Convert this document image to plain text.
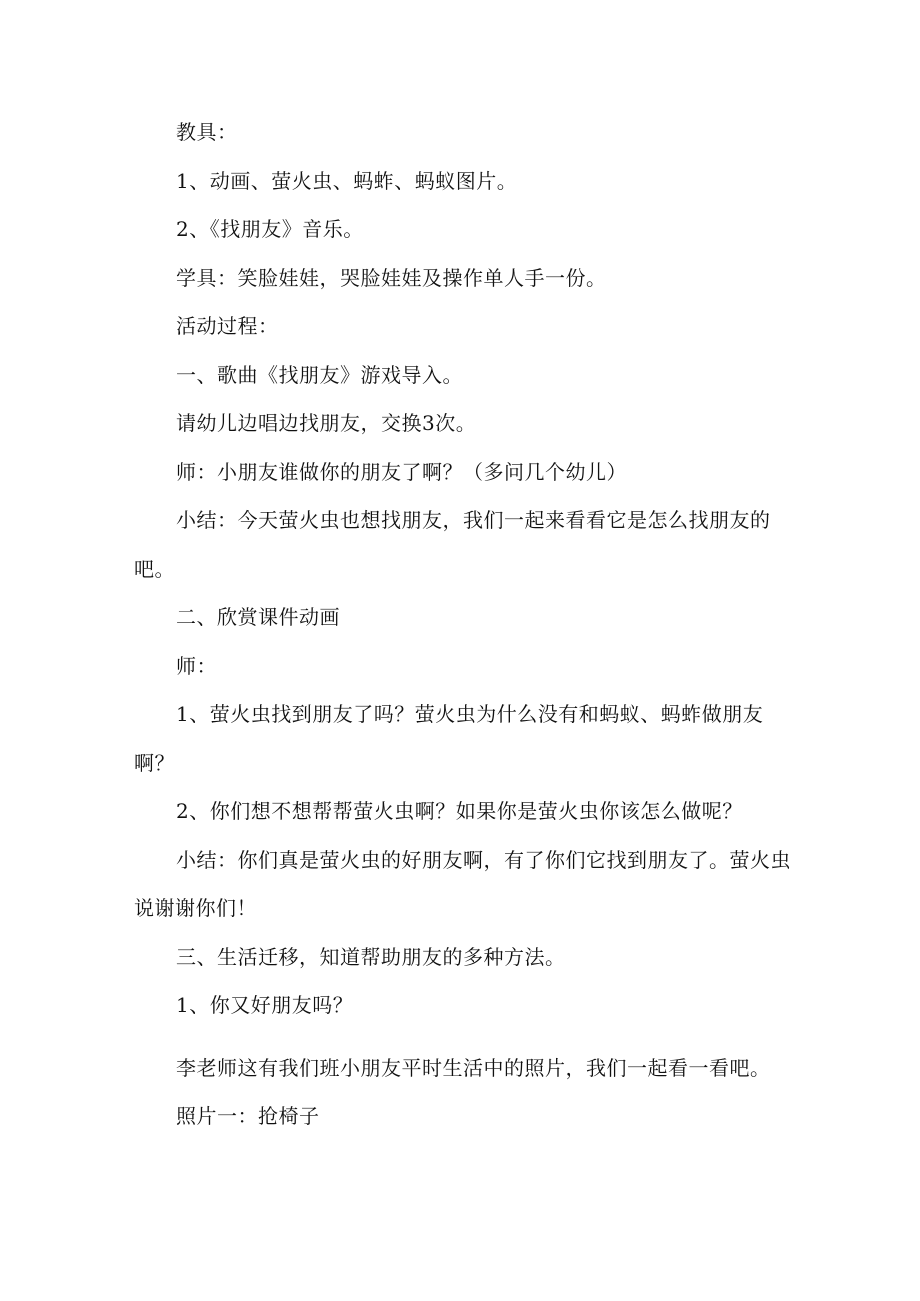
教具：
1、动画、萤火虫、蚂蚱、蚂蚁图片。
2、《找朋友》音乐。
学具：笑脸娃娃，哭脸娃娃及操作单人手一份。
活动过程：
一、歌曲《找朋友》游戏导入。
请幼儿边唱边找朋友，交换3次。
师：小朋友谁做你的朋友了啊？（多问几个幼儿）
小结：今天萤火虫也想找朋友，我们一起来看看它是怎么找朋友的
吧。
二、欣赏课件动画
师：
1、萤火虫找到朋友了吗？萤火虫为什么没有和蚂蚁、蚂蚱做朋友
啊？
2、你们想不想帮帮萤火虫啊？如果你是萤火虫你该怎么做呢？
小结：你们真是萤火虫的好朋友啊，有了你们它找到朋友了。萤火虫
说谢谢你们！
三、生活迁移，知道帮助朋友的多种方法。
1、你又好朋友吗？
李老师这有我们班小朋友平时生活中的照片，我们一起看一看吧。
照片一：抢椅子
